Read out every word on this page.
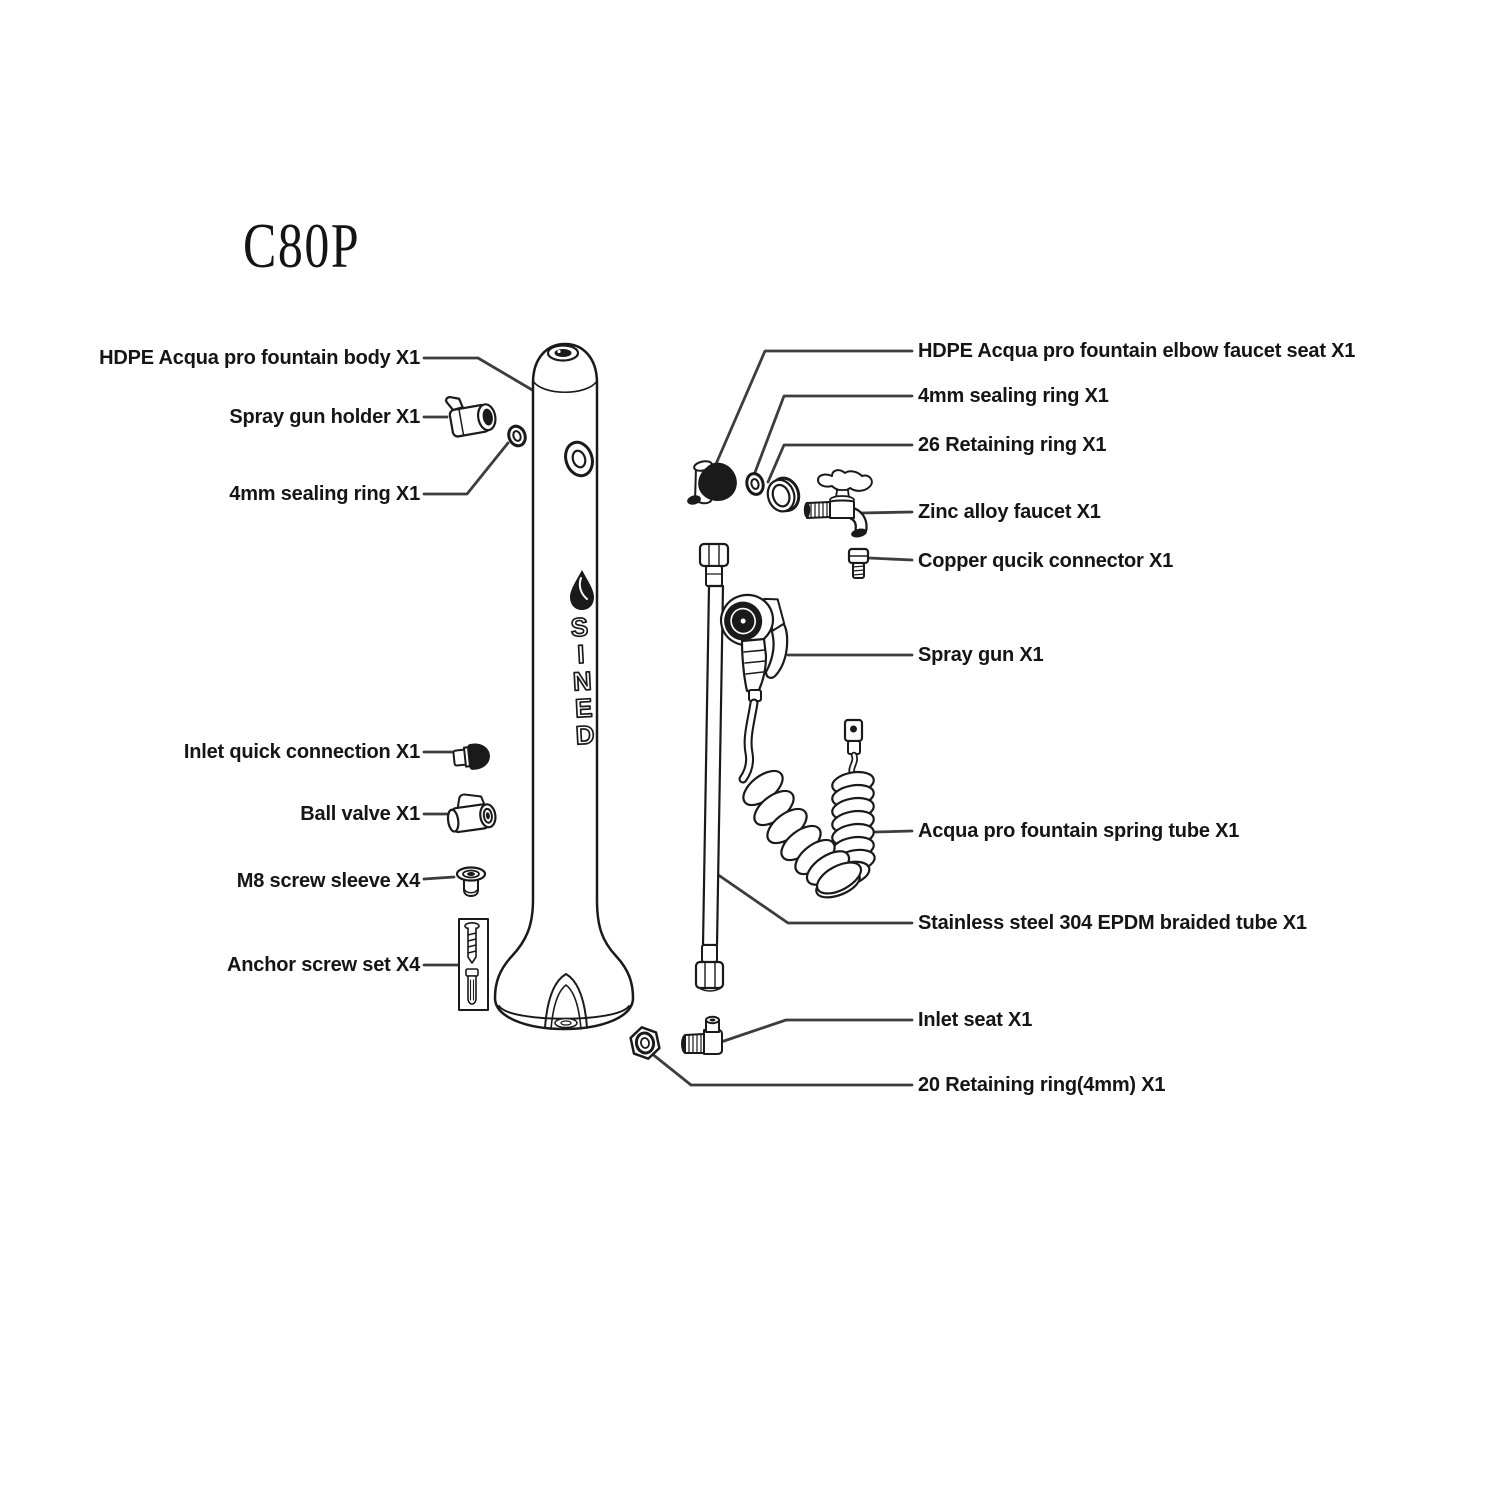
S
I
N
E
D
C80P
HDPE Acqua pro fountain body X1
Spray gun holder X1
4mm sealing ring X1
Inlet quick connection X1
Ball valve X1
M8 screw sleeve X4
Anchor screw set X4
HDPE Acqua pro fountain elbow faucet seat X1
4mm sealing ring X1
26 Retaining ring X1
Zinc alloy faucet X1
Copper qucik connector X1
Spray gun X1
Acqua pro fountain spring tube X1
Stainless steel 304 EPDM braided tube X1
Inlet seat X1
20 Retaining ring(4mm) X1
